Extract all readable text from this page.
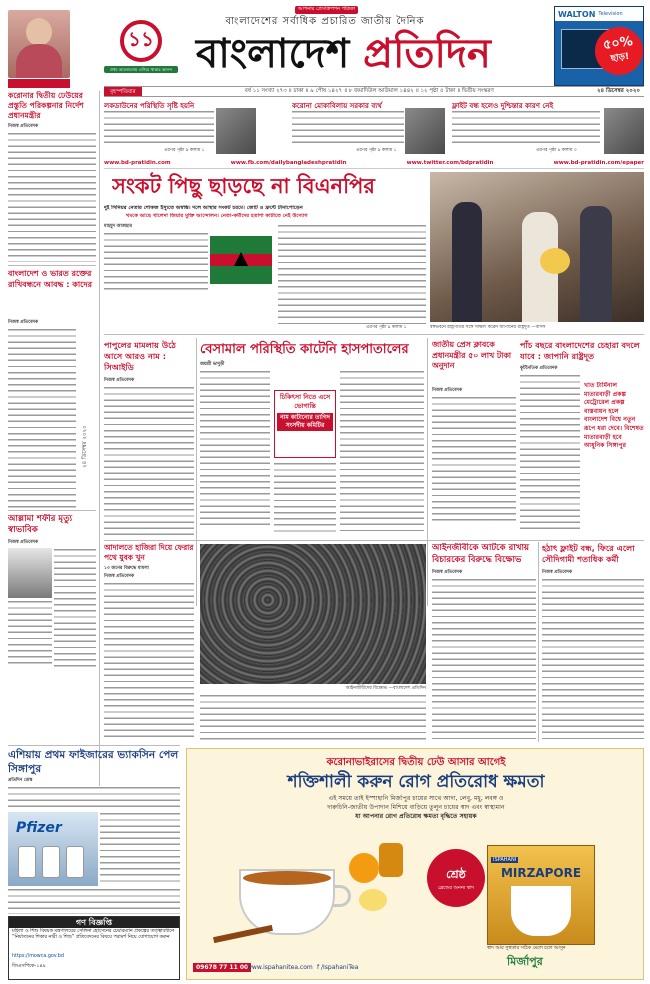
১১
প্রথম আলোচনায় এগিয়ে থাকার আনন্দ
আপনার প্রেসক্রিপশন পত্রিকা
বাংলাদেশের সর্বাধিক প্রচারিত জাতীয় দৈনিক
বাংলাদেশ প্রতিদিন
WALTON Television
৫০%
ছাড়!
বৃহস্পতিবার	বর্ষ ১১ সংখ্যা ২৭৩ ॥ ঢাকা ॥ ৯ পৌষ ১৪২৭ ॥ ৮ জমাদিউল আউয়াল ১৪৪২ ॥ ১২ পৃষ্ঠা ৫ টাকা ॥ দ্বিতীয় সংস্করণ	২৪ ডিসেম্বর ২০২০
করোনার দ্বিতীয় ঢেউয়ের প্রস্তুতি পরিকল্পনার নির্দেশ প্রধানমন্ত্রীর
নিজস্ব প্রতিবেদক
লকডাউনের পরিস্থিতি সৃষ্টি হয়নি
এরপর পৃষ্ঠা ৯ কলাম ১
করোনা মোকাবিলায় সরকার ব্যর্থ
এরপর পৃষ্ঠা ৯ কলাম ১
ফ্লাইট বন্ধ হলেও দুশ্চিন্তার কারণ নেই
এরপর পৃষ্ঠা ৯ কলাম ৩
www.bd-pratidin.com	www.fb.com/dailybangladeshpratidin	www.twitter.com/bdpratidin	www.bd-pratidin.com/epaper
সংকট পিছু ছাড়ছে না বিএনপির
দুই সিনিয়র নেতার শোকজ ইস্যুতে অস্বস্তি। দলে আস্থার সংকট চরমে। জোট ও ফ্রন্টে টানাপোড়েন
থমকে আছে খালেদা জিয়ার মুক্তি আন্দোলন। নেতা-কর্মীদের হতাশা কাটাতে নেই উদ্যোগ
মাহমুদ আজহার
এরপর পৃষ্ঠা ৯ কলাম ১	বঙ্গভবনে রাষ্ট্রপতির সঙ্গে সাক্ষাৎ করেন জাপানের রাষ্ট্রদূত —বাসস
বাংলাদেশ ও ভারত রক্তের রাখিবন্ধনে আবদ্ধ : কাদের
নিজস্ব প্রতিবেদক
২৪ ডিসেম্বর ২০২০
আল্লামা শফীর মৃত্যু স্বাভাবিক
নিজস্ব প্রতিবেদক
পাপুলের মামলায় উঠে আসে আরও নাম : সিআইডি
নিজস্ব প্রতিবেদক
বেসামাল পরিস্থিতি কাটেনি হাসপাতালের
জয়শ্রী ভাদুড়ী
চিকিৎসা নিতে এসে ভোগান্তি
নাম কাটানোর তাগিদ সংসদীয় কমিটির
জাতীয় প্রেস ক্লাবকে প্রধানমন্ত্রীর ৫০ লাখ টাকা অনুদান
নিজস্ব প্রতিবেদক
পাঁচ বছরে বাংলাদেশের চেহারা বদলে যাবে : জাপানি রাষ্ট্রদূত
কূটনৈতিক প্রতিবেদক
খাত টার্মিনাল মাতারবাড়ী প্রকল্প মেট্রোরেল প্রকল্প বাস্তবায়ন হলে বাংলাদেশ বিশ্বে নতুন রূপে ধরা দেবে। বিশেষত মাতারবাড়ী হবে আধুনিক সিঙ্গাপুর
আদালতে হাজিরা দিয়ে ফেরার পথে যুবক খুন
১৩ জনের বিরুদ্ধে মামলা
নিজস্ব প্রতিবেদক
আইনজীবীদের বিক্ষোভ —বাংলাদেশ প্রতিদিন
আইনজীবীকে আটকে রাখায় বিচারকের বিরুদ্ধে বিক্ষোভ
নিজস্ব প্রতিবেদক
হঠাৎ ফ্লাইট বন্ধ, ফিরে এলো সৌদিগামী শতাধিক কর্মী
নিজস্ব প্রতিবেদক
এশিয়ায় প্রথম ফাইজারের ভ্যাকসিন পেল সিঙ্গাপুর
প্রতিদিন ডেস্ক
Pfizer
গণ বিজ্ঞপ্তি
মহিলা ও শিশু বিষয়ক মন্ত্রণালয়ের সেলিনা হোসেনের চেয়ারম্যান প্রকল্পের তত্ত্বাবধানে “নির্যাতনের শিকার নারী ও শিশু” প্রতিবেদনের বিষয়ে পরামর্শ নিয়ে যোগাযোগ করুন
https://mowca.gov.bd
জিএসপিকে-১৪৯
করোনাভাইরাসের দ্বিতীয় ঢেউ আসার আগেই
শক্তিশালী করুন রোগ প্রতিরোধ ক্ষমতা
এই সময়ে তাই ইস্পাহানি মির্জাপুর চায়ের সাথে আদা, লেবু, মধু, লবঙ্গ ও
দারুচিনি-জাতীয় উপাদান মিশিয়ে বাড়িয়ে তুলুন চায়ের স্বাদ এবং স্বাস্থ্যমান
যা আপনার রোগ প্রতিরোধ ক্ষমতা বৃদ্ধিতে সহায়ক
শ্রেষ্ঠ
ব্লেন্ডের অনন্য স্বাদ
ISPAHANI
MIRZAPORE
মির্জাপুর
09678 77 11 00
www.ispahanitea.com f /IspahaniTea
স্বাদ আর সুস্থতার সঠিক মেলে চলে আসুন
